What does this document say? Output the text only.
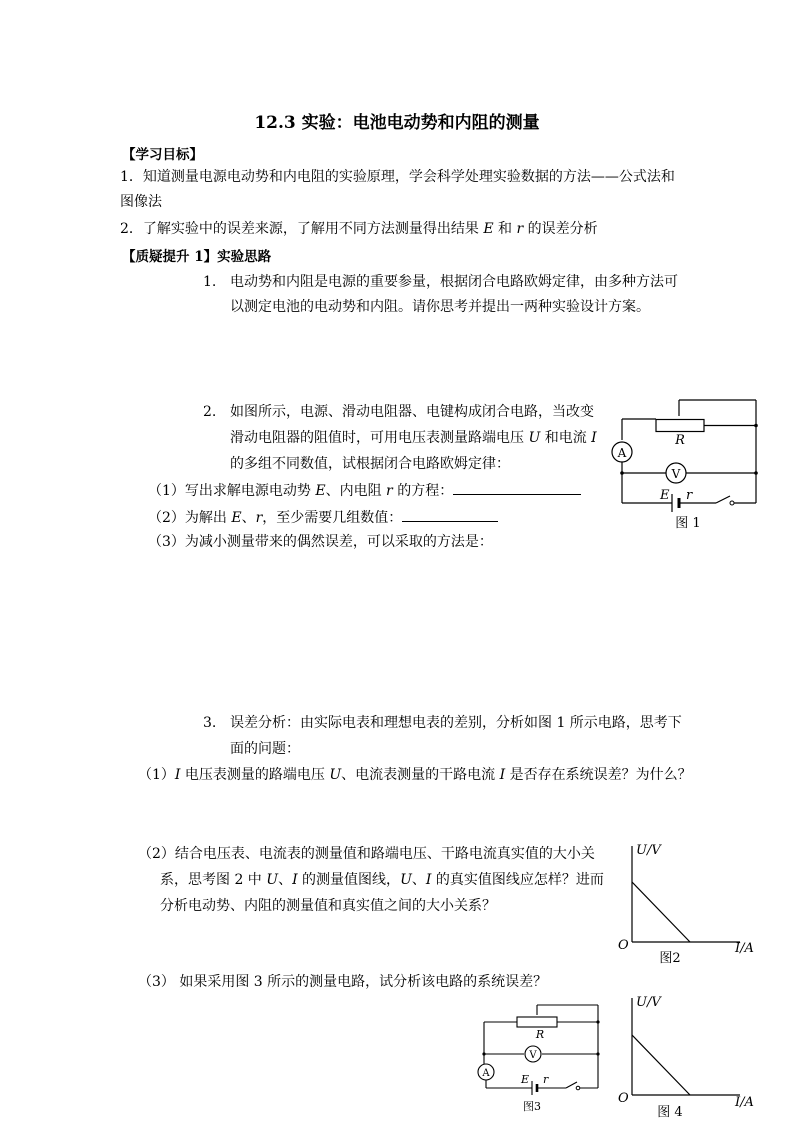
12.3 实验：电池电动势和内阻的测量
【学习目标】
1．知道测量电源电动势和内电阻的实验原理，学会科学处理实验数据的方法——公式法和
图像法
2．了解实验中的误差来源，了解用不同方法测量得出结果 E 和 r 的误差分析
【质疑提升 1】实验思路
1. 电动势和内阻是电源的重要参量，根据闭合电路欧姆定律，由多种方法可
以测定电池的电动势和内阻。请你思考并提出一两种实验设计方案。
2. 如图所示，电源、滑动电阻器、电键构成闭合电路，当改变
滑动电阻器的阻值时，可用电压表测量路端电压 U 和电流 I
的多组不同数值，试根据闭合电路欧姆定律：
（1）写出求解电源电动势 E、内电阻 r 的方程：
（2）为解出 E、r，至少需要几组数值：
（3）为减小测量带来的偶然误差，可以采取的方法是：
3. 误差分析：由实际电表和理想电表的差别，分析如图 1 所示电路，思考下
面的问题：
（1）I 电压表测量的路端电压 U、电流表测量的干路电流 I 是否存在系统误差？为什么？
（2）结合电压表、电流表的测量值和路端电压、干路电流真实值的大小关
系，思考图 2 中 U、I 的测量值图线，U、I 的真实值图线应怎样？进而
分析电动势、内阻的测量值和真实值之间的大小关系？
（3） 如果采用图 3 所示的测量电路，试分析该电路的系统误差？
R
A
V
E r
图 1
U/V
I/A
O
图2
R
V
A	E r
图3
U/V
I/A
O
图 4
